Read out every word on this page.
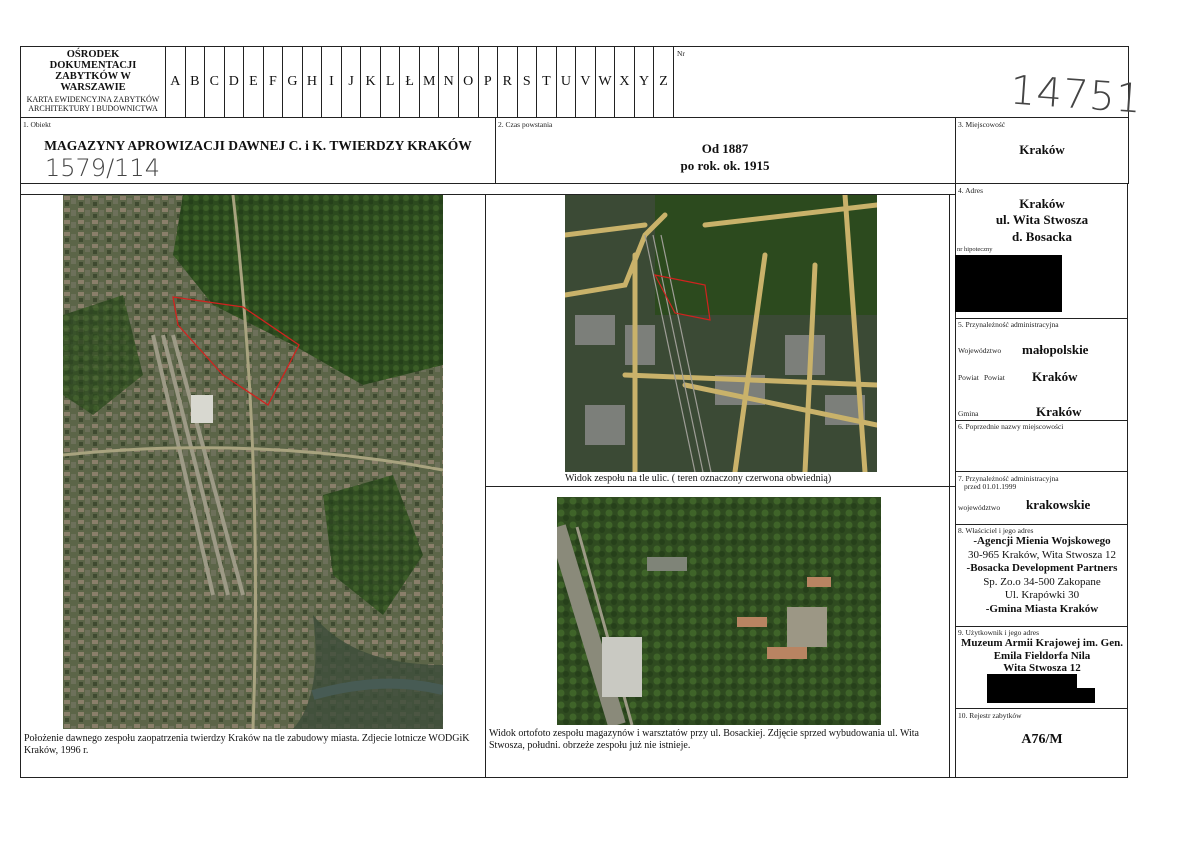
OŚRODEK DOKUMENTACJI ZABYTKÓW W WARSZAWIE
KARTA EWIDENCYJNA ZABYTKÓW ARCHITEKTURY I BUDOWNICTWA
A B C D E F G H I	J K L Ł M N O P R S T U V W X Y Z
Nr
14751
1. Obiekt
MAGAZYNY APROWIZACJI DAWNEJ C. i K. TWIERDZY KRAKÓW
1579/114
2. Czas powstania
Od 1887
po rok. ok. 1915
3. Miejscowość
Kraków
Położenie dawnego zespołu zaopatrzenia twierdzy Kraków na tle zabudowy miasta. Zdjecie lotnicze WODGiK Kraków, 1996 r.
Widok zespołu na tle ulic. ( teren oznaczony czerwona obwiednią)
Widok ortofoto zespołu magazynów i warsztatów przy ul. Bosackiej. Zdjęcie sprzed wybudowania ul. Wita Stwosza, południ. obrzeże zespołu już nie istnieje.
4. Adres
Kraków
ul. Wita Stwosza
d. Bosacka
nr hipoteczny
5. Przynależność administracyjna
Województwo małopolskie
Powiat Powiat Kraków
Gmina	Kraków
6. Poprzednie nazwy miejscowości
7. Przynależność administracyjna
przed 01.01.1999
województwo krakowskie
8. Właściciel i jego adres
-Agencji Mienia Wojskowego
30-965 Kraków, Wita Stwosza 12
-Bosacka Development Partners
Sp. Zo.o 34-500 Zakopane
Ul. Krapówki 30
-Gmina Miasta Kraków
9. Użytkownik i jego adres
Muzeum Armii Krajowej im. Gen.
Emila Fieldorfa Nila
Wita Stwosza 12
10. Rejestr zabytków
A76/M
